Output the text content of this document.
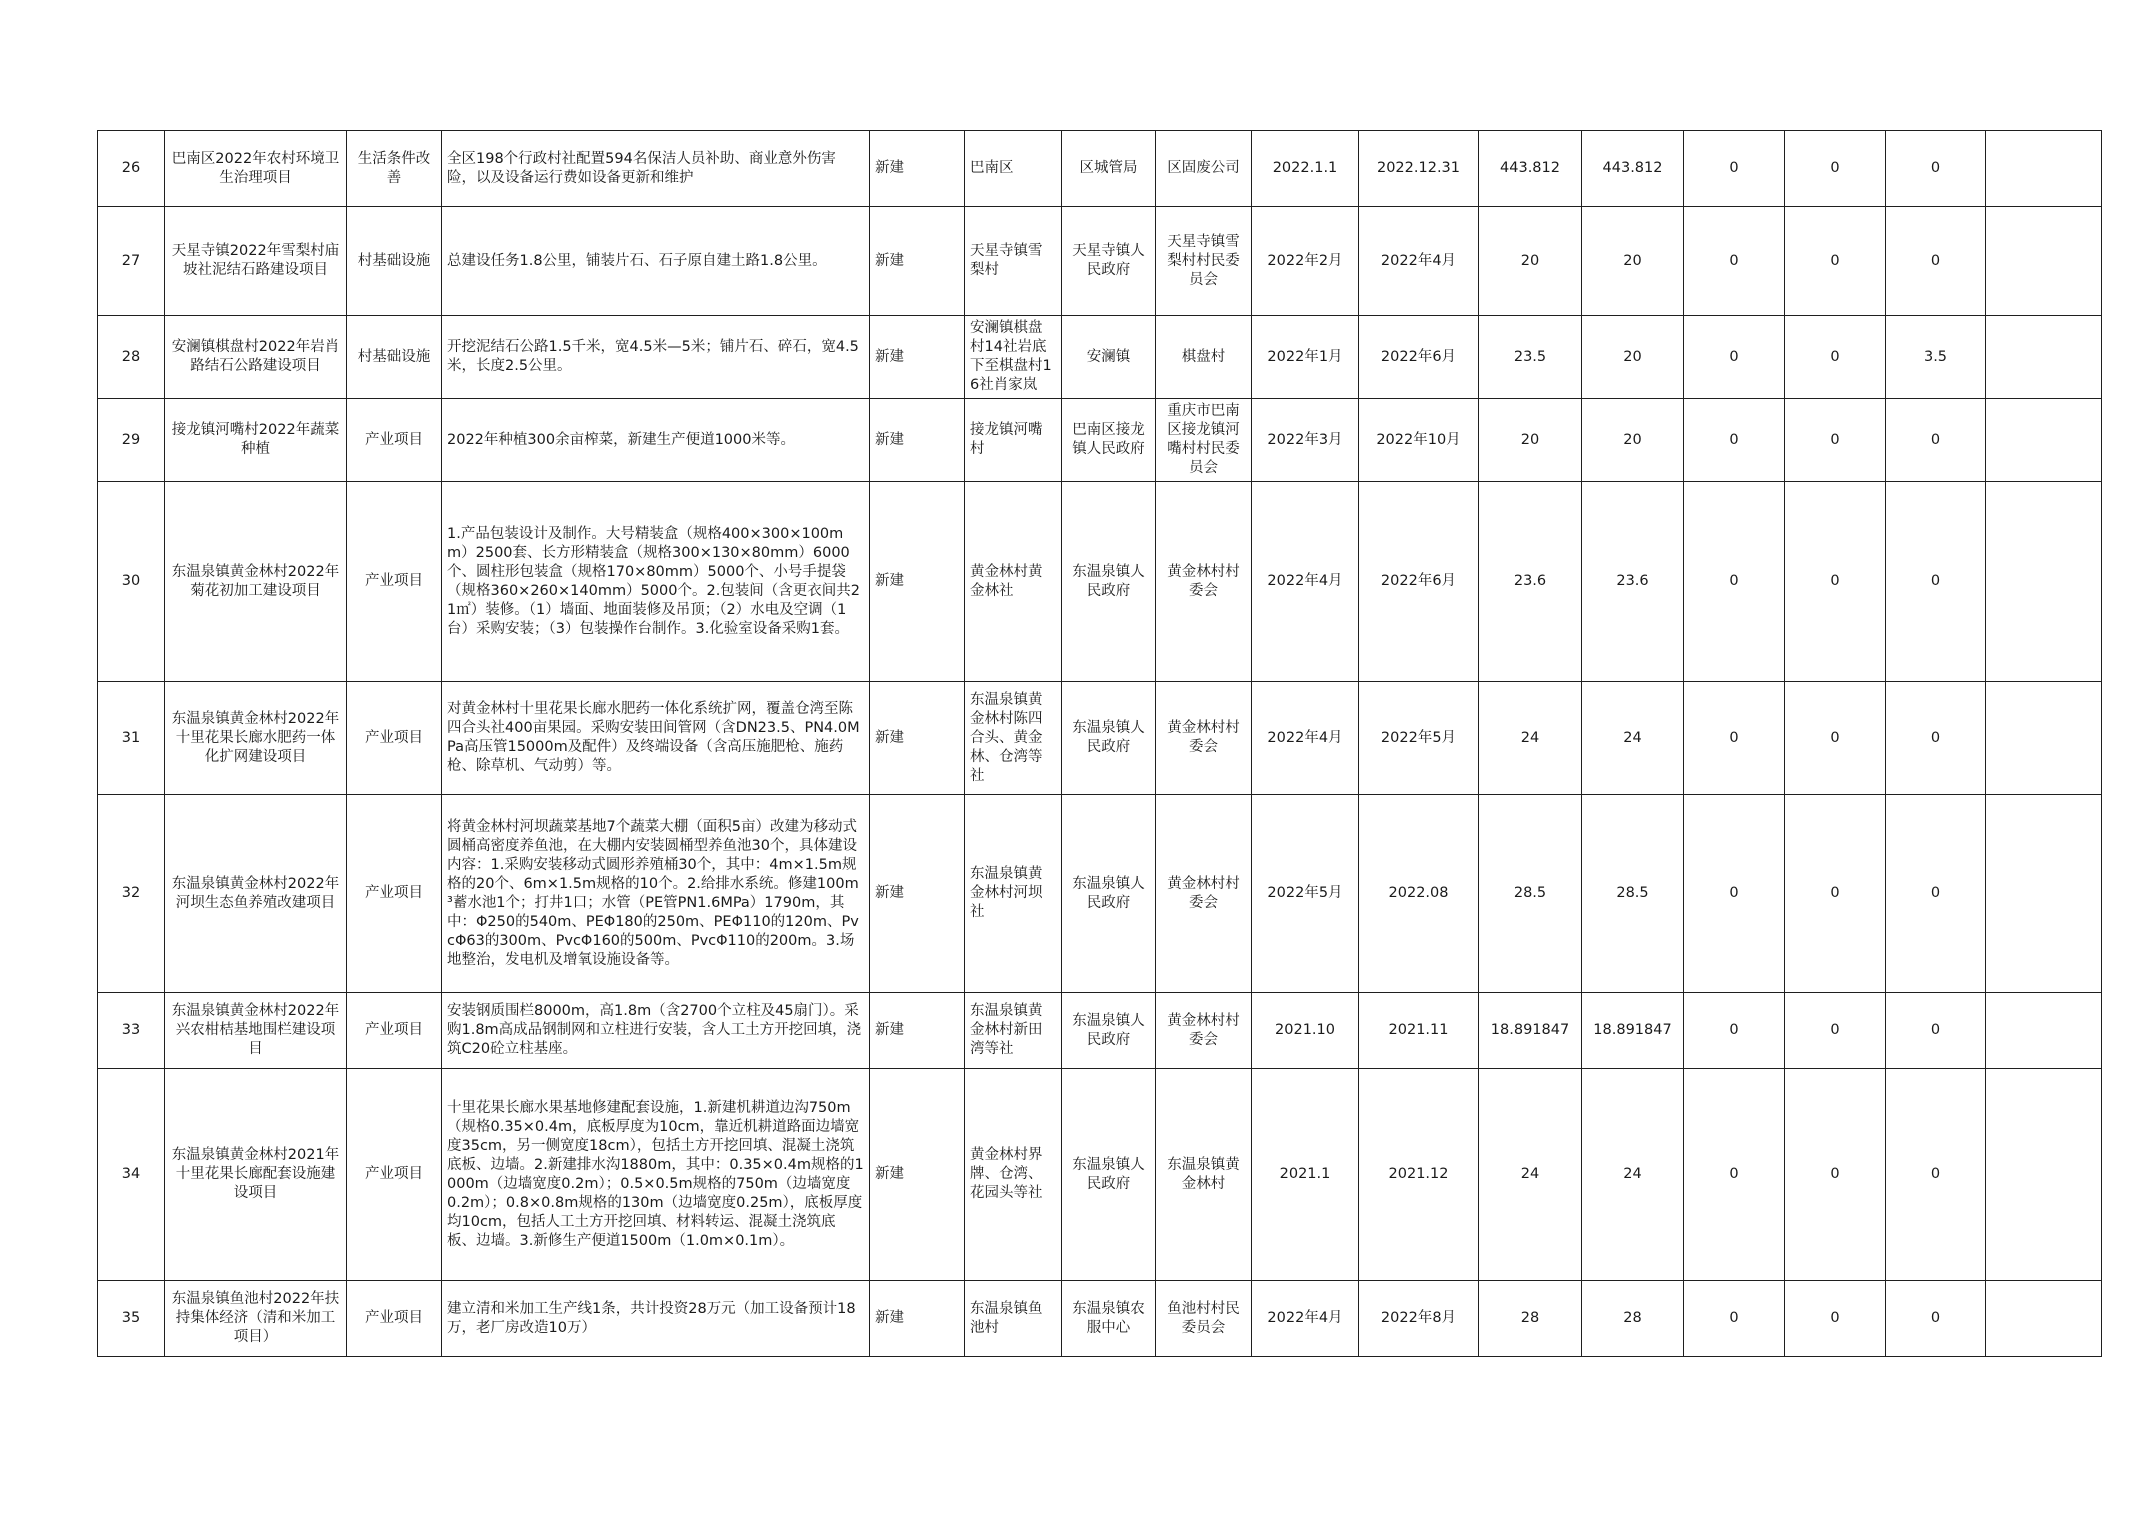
26	巴南区2022年农村环境卫生治理项目	生活条件改善	全区198个行政村社配置594名保洁人员补助、商业意外伤害险，以及设备运行费如设备更新和维护	新建	巴南区	区城管局	区固废公司	2022.1.1	2022.12.31	443.812	443.812	0	0	0	
27	天星寺镇2022年雪梨村庙坡社泥结石路建设项目	村基础设施	总建设任务1.8公里，铺装片石、石子原自建土路1.8公里。	新建	天星寺镇雪梨村	天星寺镇人民政府	天星寺镇雪梨村村民委员会	2022年2月	2022年4月	20	20	0	0	0	
28	安澜镇棋盘村2022年岩肖路结石公路建设项目	村基础设施	开挖泥结石公路1.5千米，宽4.5米—5米；铺片石、碎石，宽4.5米，长度2.5公里。	新建	安澜镇棋盘村14社岩底下至棋盘村16社肖家岚	安澜镇	棋盘村	2022年1月	2022年6月	23.5	20	0	0	3.5	
29	接龙镇河嘴村2022年蔬菜种植	产业项目	2022年种植300余亩榨菜，新建生产便道1000米等。	新建	接龙镇河嘴村	巴南区接龙镇人民政府	重庆市巴南区接龙镇河嘴村村民委员会	2022年3月	2022年10月	20	20	0	0	0	
30	东温泉镇黄金林村2022年菊花初加工建设项目	产业项目	1.产品包装设计及制作。大号精装盒（规格400×300×100mm）2500套、长方形精装盒（规格300×130×80mm）6000个、圆柱形包装盒（规格170×80mm）5000个、小号手提袋（规格360×260×140mm）5000个。2.包装间（含更衣间共21㎡）装修。（1）墙面、地面装修及吊顶；（2）水电及空调（1台）采购安装；（3）包装操作台制作。3.化验室设备采购1套。	新建	黄金林村黄金林社	东温泉镇人民政府	黄金林村村委会	2022年4月	2022年6月	23.6	23.6	0	0	0	
31	东温泉镇黄金林村2022年十里花果长廊水肥药一体化扩网建设项目	产业项目	对黄金林村十里花果长廊水肥药一体化系统扩网，覆盖仓湾至陈四合头社400亩果园。采购安装田间管网（含DN23.5、PN4.0MPa高压管15000m及配件）及终端设备（含高压施肥枪、施药枪、除草机、气动剪）等。	新建	东温泉镇黄金林村陈四合头、黄金林、仓湾等社	东温泉镇人民政府	黄金林村村委会	2022年4月	2022年5月	24	24	0	0	0	
32	东温泉镇黄金林村2022年河坝生态鱼养殖改建项目	产业项目	将黄金林村河坝蔬菜基地7个蔬菜大棚（面积5亩）改建为移动式圆桶高密度养鱼池，在大棚内安装圆桶型养鱼池30个，具体建设内容：1.采购安装移动式圆形养殖桶30个，其中：4m×1.5m规格的20个、6m×1.5m规格的10个。2.给排水系统。修建100m³蓄水池1个；打井1口；水管（PE管PN1.6MPa）1790m，其中：Φ250的540m、PEΦ180的250m、PEΦ110的120m、PvcΦ63的300m、PvcΦ160的500m、PvcΦ110的200m。3.场地整治，发电机及增氧设施设备等。	新建	东温泉镇黄金林村河坝社	东温泉镇人民政府	黄金林村村委会	2022年5月	2022.08	28.5	28.5	0	0	0	
33	东温泉镇黄金林村2022年兴农柑桔基地围栏建设项目	产业项目	安装钢质围栏8000m，高1.8m（含2700个立柱及45扇门）。采购1.8m高成品钢制网和立柱进行安装，含人工土方开挖回填，浇筑C20砼立柱基座。	新建	东温泉镇黄金林村新田湾等社	东温泉镇人民政府	黄金林村村委会	2021.10	2021.11	18.891847	18.891847	0	0	0	
34	东温泉镇黄金林村2021年十里花果长廊配套设施建设项目	产业项目	十里花果长廊水果基地修建配套设施，1.新建机耕道边沟750m（规格0.35×0.4m，底板厚度为10cm，靠近机耕道路面边墙宽度35cm，另一侧宽度18cm），包括土方开挖回填、混凝土浇筑底板、边墙。2.新建排水沟1880m，其中：0.35×0.4m规格的1000m（边墙宽度0.2m）；0.5×0.5m规格的750m（边墙宽度0.2m）；0.8×0.8m规格的130m（边墙宽度0.25m），底板厚度均10cm，包括人工土方开挖回填、材料转运、混凝土浇筑底板、边墙。3.新修生产便道1500m（1.0m×0.1m）。	新建	黄金林村界牌、仓湾、花园头等社	东温泉镇人民政府	东温泉镇黄金林村	2021.1	2021.12	24	24	0	0	0	
35	东温泉镇鱼池村2022年扶持集体经济（清和米加工项目）	产业项目	建立清和米加工生产线1条，共计投资28万元（加工设备预计18万，老厂房改造10万）	新建	东温泉镇鱼池村	东温泉镇农服中心	鱼池村村民委员会	2022年4月	2022年8月	28	28	0	0	0	
